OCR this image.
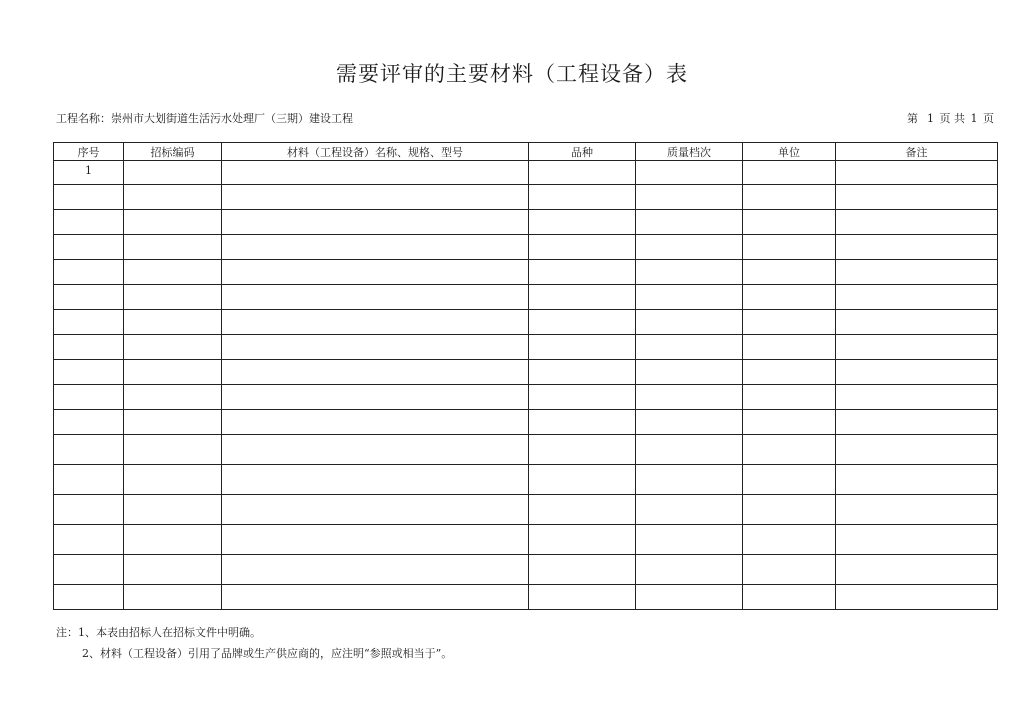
需要评审的主要材料（工程设备）表
工程名称：崇州市大划街道生活污水处理厂（三期）建设工程	第 1 页 共 1 页
序号	招标编码	材料（工程设备）名称、规格、型号	品种	质量档次	单位	备注
1						

注：1、本表由招标人在招标文件中明确。
2、材料（工程设备）引用了品牌或生产供应商的，应注明“参照或相当于”。
